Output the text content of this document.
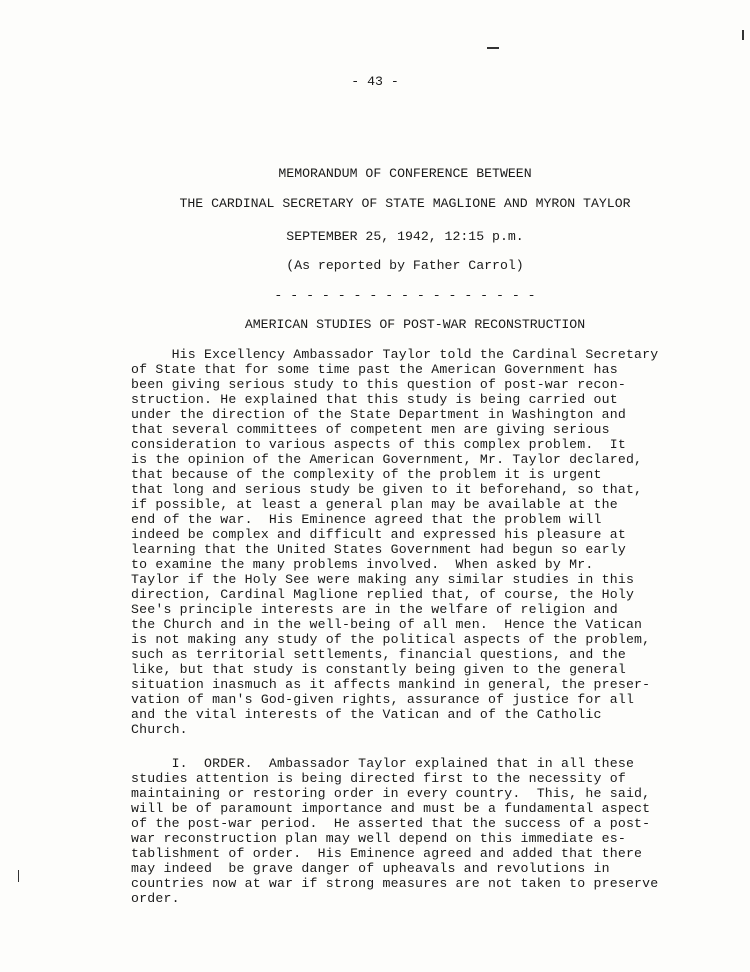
- 43 -
MEMORANDUM OF CONFERENCE BETWEEN
THE CARDINAL SECRETARY OF STATE MAGLIONE AND MYRON TAYLOR
SEPTEMBER 25, 1942, 12:15 p.m.
(As reported by Father Carrol)
- - - - - - - - - - - - - - - - -
AMERICAN STUDIES OF POST-WAR RECONSTRUCTION
His Excellency Ambassador Taylor told the Cardinal Secretary
of State that for some time past the American Government has
been giving serious study to this question of post-war recon-
struction. He explained that this study is being carried out
under the direction of the State Department in Washington and
that several committees of competent men are giving serious
consideration to various aspects of this complex problem.  It
is the opinion of the American Government, Mr. Taylor declared,
that because of the complexity of the problem it is urgent
that long and serious study be given to it beforehand, so that,
if possible, at least a general plan may be available at the
end of the war.  His Eminence agreed that the problem will
indeed be complex and difficult and expressed his pleasure at
learning that the United States Government had begun so early
to examine the many problems involved.  When asked by Mr.
Taylor if the Holy See were making any similar studies in this
direction, Cardinal Maglione replied that, of course, the Holy
See's principle interests are in the welfare of religion and
the Church and in the well-being of all men.  Hence the Vatican
is not making any study of the political aspects of the problem,
such as territorial settlements, financial questions, and the
like, but that study is constantly being given to the general
situation inasmuch as it affects mankind in general, the preser-
vation of man's God-given rights, assurance of justice for all
and the vital interests of the Vatican and of the Catholic
Church.
I.  ORDER.  Ambassador Taylor explained that in all these
studies attention is being directed first to the necessity of
maintaining or restoring order in every country.  This, he said,
will be of paramount importance and must be a fundamental aspect
of the post-war period.  He asserted that the success of a post-
war reconstruction plan may well depend on this immediate es-
tablishment of order.  His Eminence agreed and added that there
may indeed  be grave danger of upheavals and revolutions in
countries now at war if strong measures are not taken to preserve
order.
